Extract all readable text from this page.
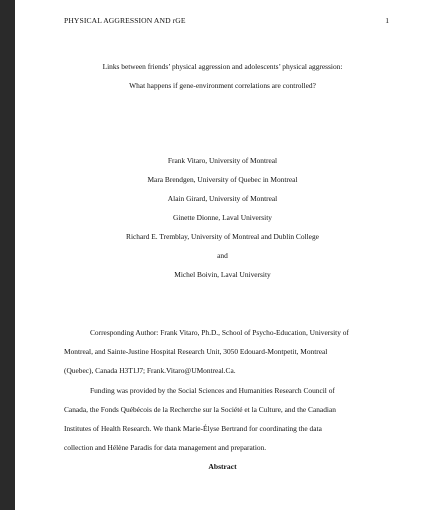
PHYSICAL AGGRESSION AND rGE	1
Links between friends’ physical aggression and adolescents’ physical aggression:
What happens if gene-environment correlations are controlled?
Frank Vitaro, University of Montreal
Mara Brendgen, University of Quebec in Montreal
Alain Girard, University of Montreal
Ginette Dionne, Laval University
Richard E. Tremblay, University of Montreal and Dublin College
and
Michel Boivin, Laval University
Corresponding Author: Frank Vitaro, Ph.D., School of Psycho-Education, University of
Montreal, and Sainte-Justine Hospital Research Unit, 3050 Edouard-Montpetit, Montreal
(Quebec), Canada H3T1J7; Frank.Vitaro@UMontreal.Ca.
Funding was provided by the Social Sciences and Humanities Research Council of
Canada, the Fonds Québécois de la Recherche sur la Société et la Culture, and the Canadian
Institutes of Health Research. We thank Marie-Élyse Bertrand for coordinating the data
collection and Hélène Paradis for data management and preparation.
Abstract
